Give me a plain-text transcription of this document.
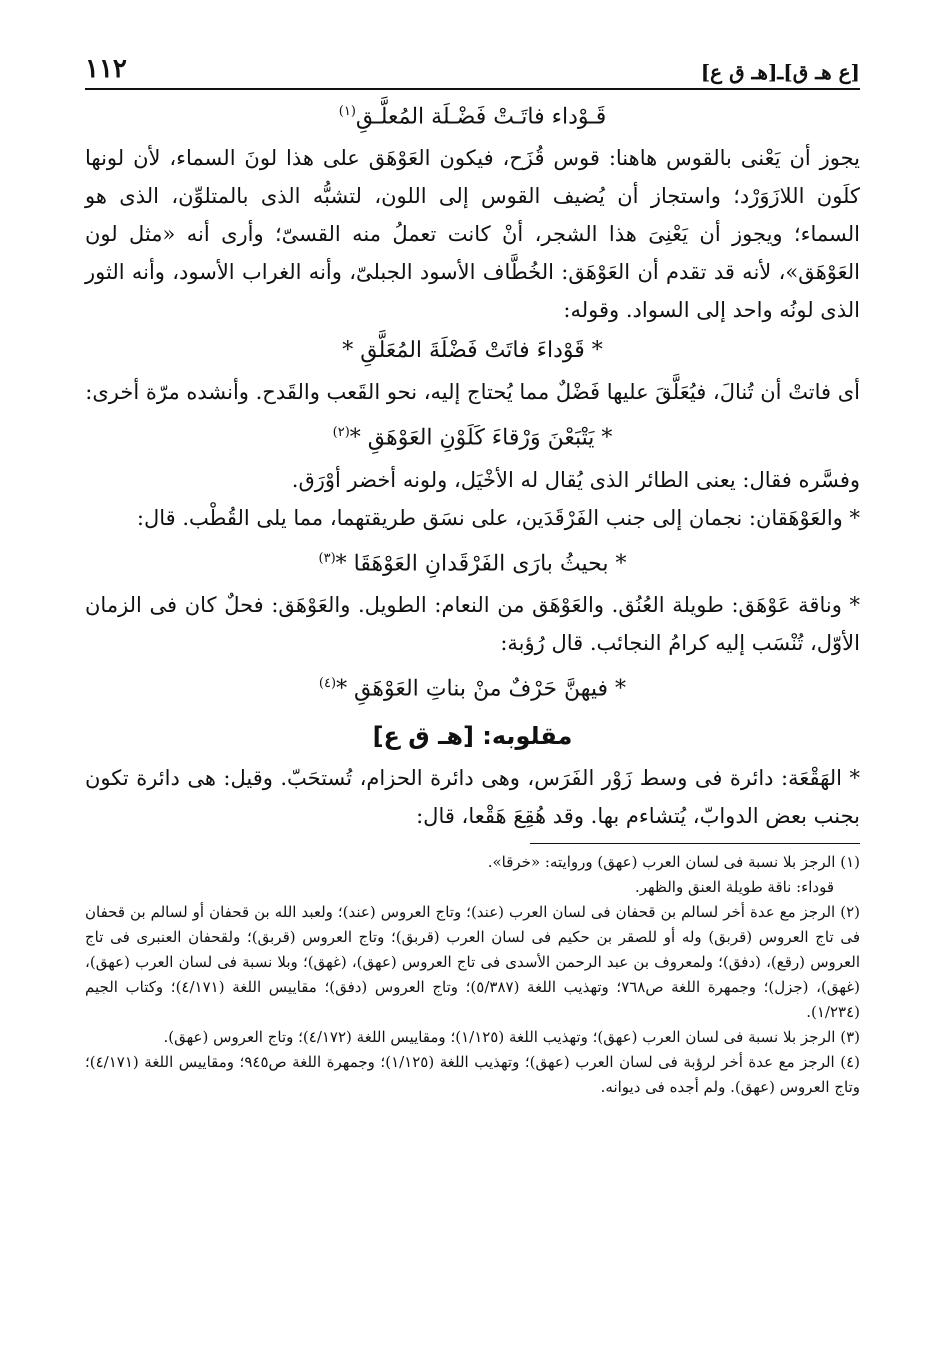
[ع هـ ق]ـ[هـ ق ع]
١١٢

قَـوْداء فاتَـتْ فَضْـلَة المُعلَّـقِ$^{(١)}$

يجوز أن يَعْنى بالقوس هاهنا: قوس قُزَح، فيكون العَوْهَق على هذا لونَ السماء، لأن لونها كلَون اللازَوَرْد؛ واستجاز أن يُضيف القوس إلى اللون، لتشبُّه الذى بالمتلوِّن، الذى هو السماء؛ ويجوز أن يَعْنِىَ هذا الشجر، أنْ كانت تعملُ منه القسىّ؛ وأرى أنه «مثل لون العَوْهَق»، لأنه قد تقدم أن العَوْهَق: الخُطَّاف الأسود الجبلىّ، وأنه الغراب الأسود، وأنه الثور الذى لونُه واحد إلى السواد. وقوله:

* قَوْداءَ فاتَتْ فَضْلَةَ المُعَلَّقِ *

أى فاتتْ أن تُنالَ، فيُعَلَّقَ عليها فَضْلٌ مما يُحتاج إليه، نحو القَعب والقَدح. وأنشده مرّة أخرى:

* يَتْبَعْنَ وَرْقاءَ كَلَوْنِ العَوْهَقِ *$^{(٢)}$

وفسَّره فقال: يعنى الطائر الذى يُقال له الأخْيَل، ولونه أخضر أوْرَق.

* والعَوْهَقان: نجمان إلى جنب الفَرْقَدَين، على نسَق طريقتهما، مما يلى القُطْب. قال:

* بحيثُ بارَى الفَرْقَدانِ العَوْهَقَا *$^{(٣)}$

* وناقة عَوْهَق: طويلة العُنُق. والعَوْهَق من النعام: الطويل. والعَوْهَق: فحلٌ كان فى الزمان الأوّل، تُنْسَب إليه كرامُ النجائب. قال رُؤبة:

* فيهنَّ حَرْفٌ منْ بناتِ العَوْهَقِ *$^{(٤)}$

مقلوبه: [هـ ق ع]

* الهَقْعَة: دائرة فى وسط زَوْر الفَرَس، وهى دائرة الحزام، تُستحَبّ. وقيل: هى دائرة تكون بجنب بعض الدوابّ، يُتشاءم بها. وقد هُقِعَ هَقْعا، قال:

(١) الرجز بلا نسبة فى لسان العرب (عهق) وروايته: «خرقا».

قوداء: ناقة طويلة العنق والظهر.

(٢) الرجز مع عدة أخر لسالم بن قحفان فى لسان العرب (عند)؛ وتاج العروس (عند)؛ ولعبد الله بن قحفان أو لسالم بن قحفان فى تاج العروس (قربق) وله أو للصقر بن حكيم فى لسان العرب (قربق)؛ وتاج العروس (قربق)؛ ولقحفان العنبرى فى تاج العروس (رقع)، (دفق)؛ ولمعروف بن عبد الرحمن الأسدى فى تاج العروس (عهق)، (غهق)؛ وبلا نسبة فى لسان العرب (عهق)، (غهق)، (جزل)؛ وجمهرة اللغة ص٧٦٨؛ وتهذيب اللغة (٥/٣٨٧)؛ وتاج العروس (دفق)؛ مقاييس اللغة (٤/١٧١)؛ وكتاب الجيم (١/٢٣٤).

(٣) الرجز بلا نسبة فى لسان العرب (عهق)؛ وتهذيب اللغة (١/١٢٥)؛ ومقاييس اللغة (٤/١٧٢)؛ وتاج العروس (عهق).

(٤) الرجز مع عدة أخر لرؤبة فى لسان العرب (عهق)؛ وتهذيب اللغة (١/١٢٥)؛ وجمهرة اللغة ص٩٤٥؛ ومقاييس اللغة (٤/١٧١)؛ وتاج العروس (عهق). ولم أجده فى ديوانه.
